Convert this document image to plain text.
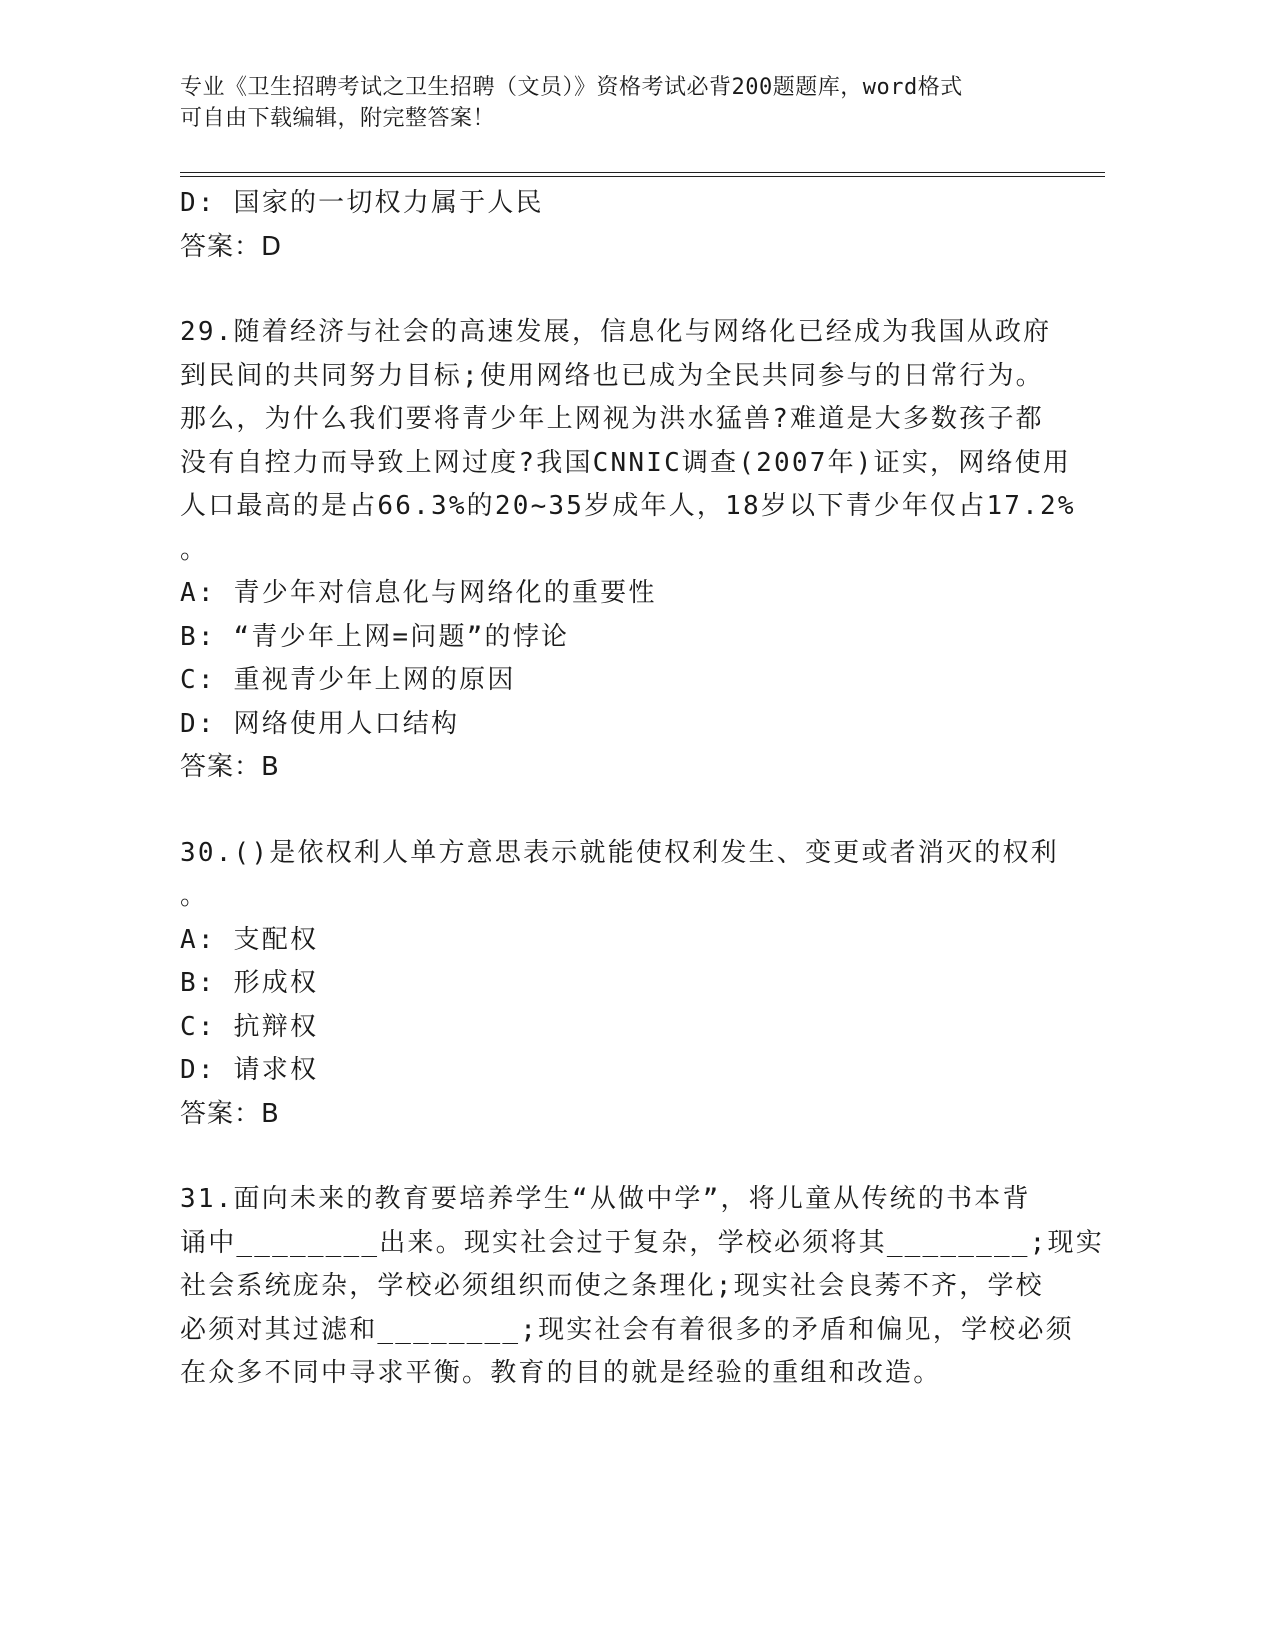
专业《卫生招聘考试之卫生招聘（文员）》资格考试必背200题题库，word格式
可自由下载编辑，附完整答案！
D: 国家的一切权力属于人民
答案：D
29.随着经济与社会的高速发展，信息化与网络化已经成为我国从政府
到民间的共同努力目标;使用网络也已成为全民共同参与的日常行为。
那么，为什么我们要将青少年上网视为洪水猛兽?难道是大多数孩子都
没有自控力而导致上网过度?我国CNNIC调查(2007年)证实，网络使用
人口最高的是占66.3%的20~35岁成年人，18岁以下青少年仅占17.2%
。
A: 青少年对信息化与网络化的重要性
B: “青少年上网=问题”的悖论
C: 重视青少年上网的原因
D: 网络使用人口结构
答案：B
30.()是依权利人单方意思表示就能使权利发生、变更或者消灭的权利
。
A: 支配权
B: 形成权
C: 抗辩权
D: 请求权
答案：B
31.面向未来的教育要培养学生“从做中学”，将儿童从传统的书本背
诵中________出来。现实社会过于复杂，学校必须将其________;现实
社会系统庞杂，学校必须组织而使之条理化;现实社会良莠不齐，学校
必须对其过滤和________;现实社会有着很多的矛盾和偏见，学校必须
在众多不同中寻求平衡。教育的目的就是经验的重组和改造。
